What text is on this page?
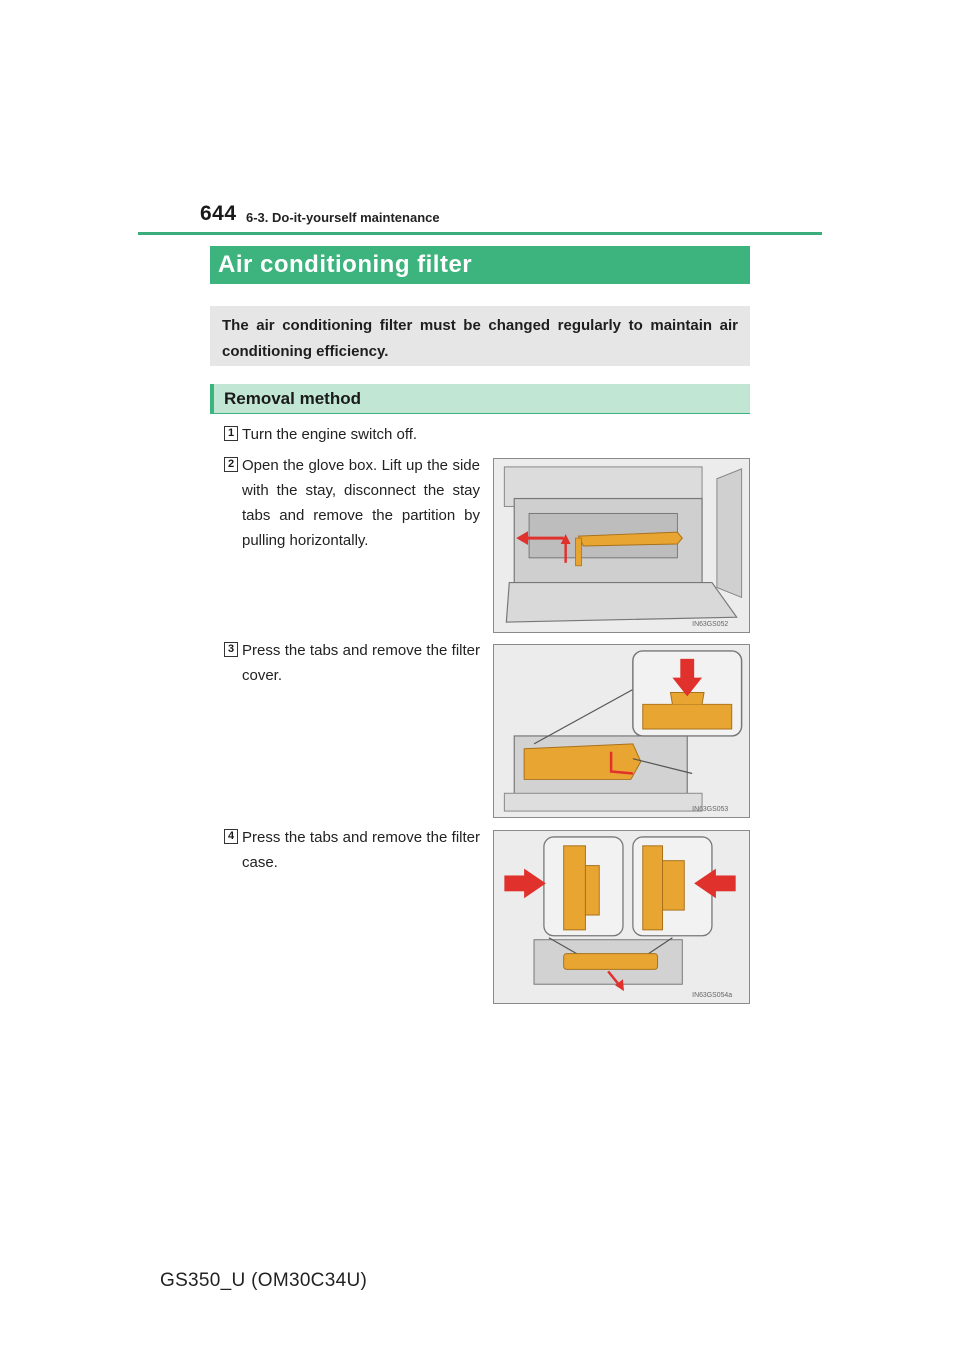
644 6-3. Do-it-yourself maintenance
Air conditioning filter
The air conditioning filter must be changed regularly to maintain air conditioning efficiency.
Removal method
1 Turn the engine switch off.
2 Open the glove box. Lift up the side with the stay, disconnect the stay tabs and remove the partition by pulling horizontally.
IN63GS052
3 Press the tabs and remove the filter cover.
IN63GS053
4 Press the tabs and remove the filter case.
IN63GS054a
GS350_U (OM30C34U)
